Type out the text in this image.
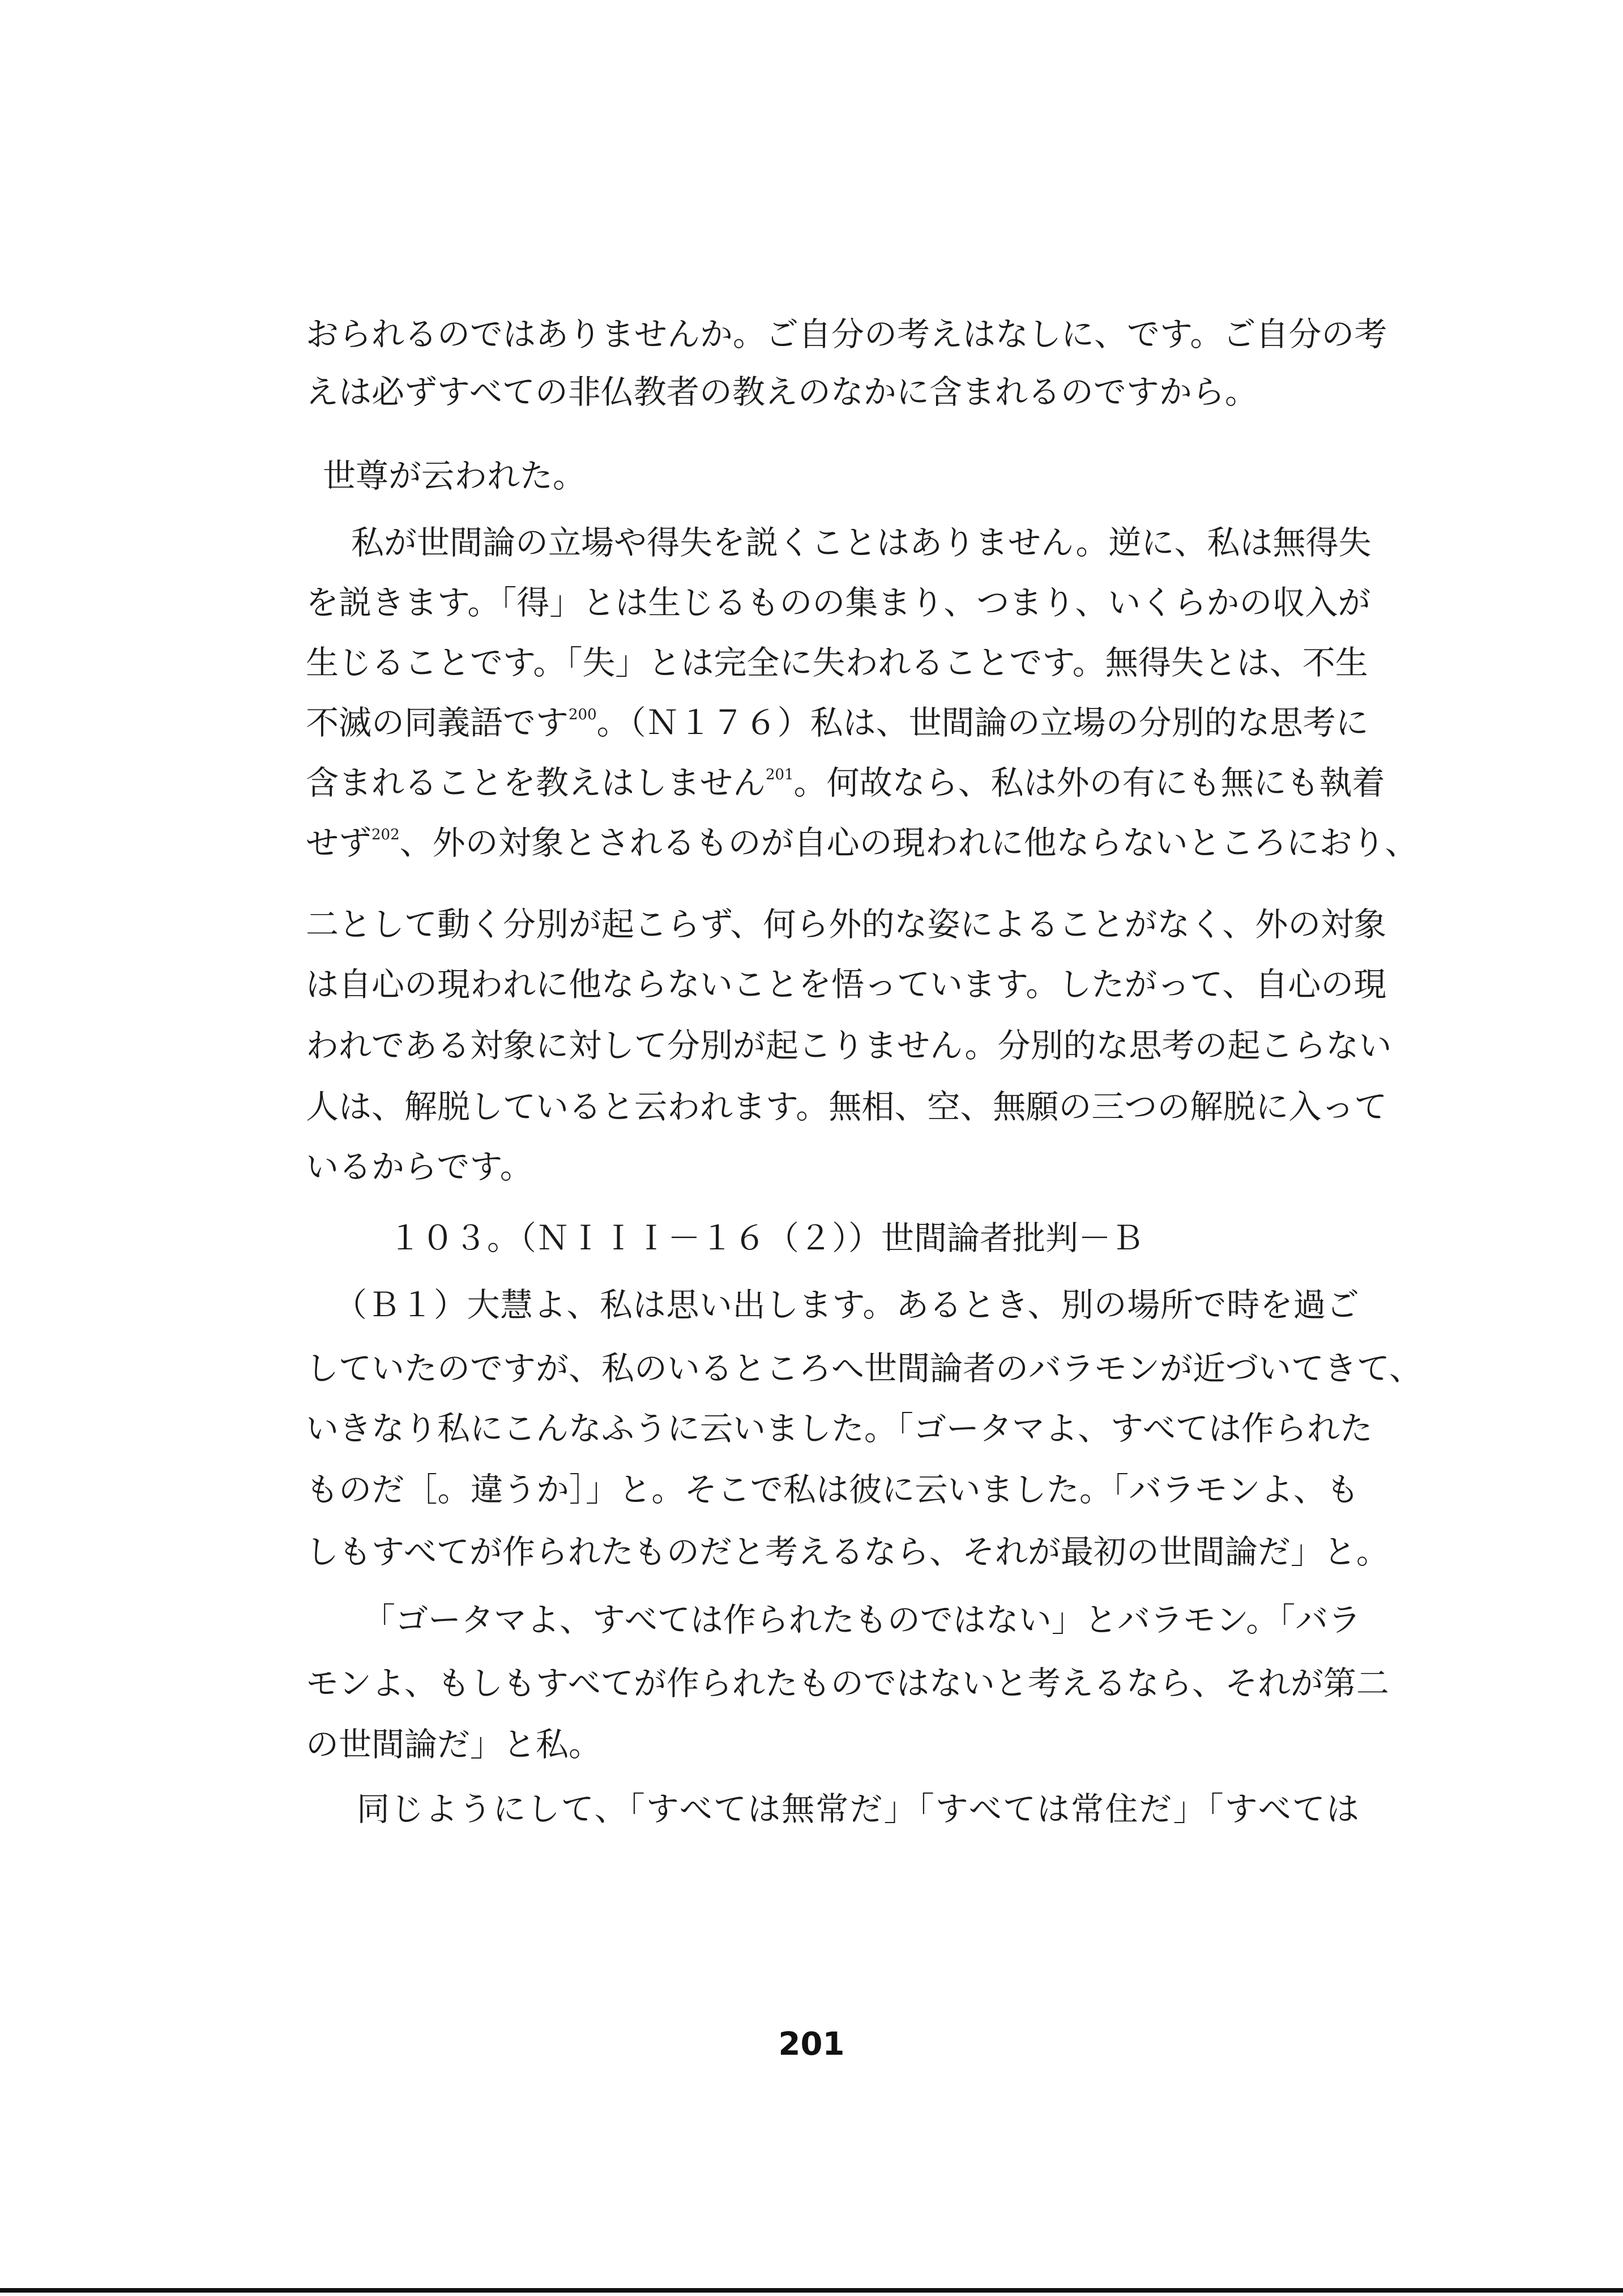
おられるのではありませんか。ご自分の考えはなしに、です。ご自分の考
えは必ずすべての非仏教者の教えのなかに含まれるのですから。
世尊が云われた。
私が世間論の立場や得失を説くことはありません。逆に、私は無得失
を説きます。「得」とは生じるものの集まり、つまり、いくらかの収入が
生じることです。「失」とは完全に失われることです。無得失とは、不生
不滅の同義語です$^{200}$。（Ｎ１７６）私は、世間論の立場の分別的な思考に
含まれることを教えはしません$^{201}$。何故なら、私は外の有にも無にも執着
せず$^{202}$、外の対象とされるものが自心の現われに他ならないところにおり、
二として動く分別が起こらず、何ら外的な姿によることがなく、外の対象
は自心の現われに他ならないことを悟っています。したがって、自心の現
われである対象に対して分別が起こりません。分別的な思考の起こらない
人は、解脱していると云われます。無相、空、無願の三つの解脱に入って
いるからです。
１０３。（ＮＩＩＩ－１６（２））世間論者批判－Ｂ
（Ｂ１）大慧よ、私は思い出します。あるとき、別の場所で時を過ご
していたのですが、私のいるところへ世間論者のバラモンが近づいてきて、
いきなり私にこんなふうに云いました。「ゴータマよ、すべては作られた
ものだ［。違うか］」と。そこで私は彼に云いました。「バラモンよ、も
しもすべてが作られたものだと考えるなら、それが最初の世間論だ」と。
「ゴータマよ、すべては作られたものではない」とバラモン。「バラ
モンよ、もしもすべてが作られたものではないと考えるなら、それが第二
の世間論だ」と私。
同じようにして、「すべては無常だ」「すべては常住だ」「すべては
201
